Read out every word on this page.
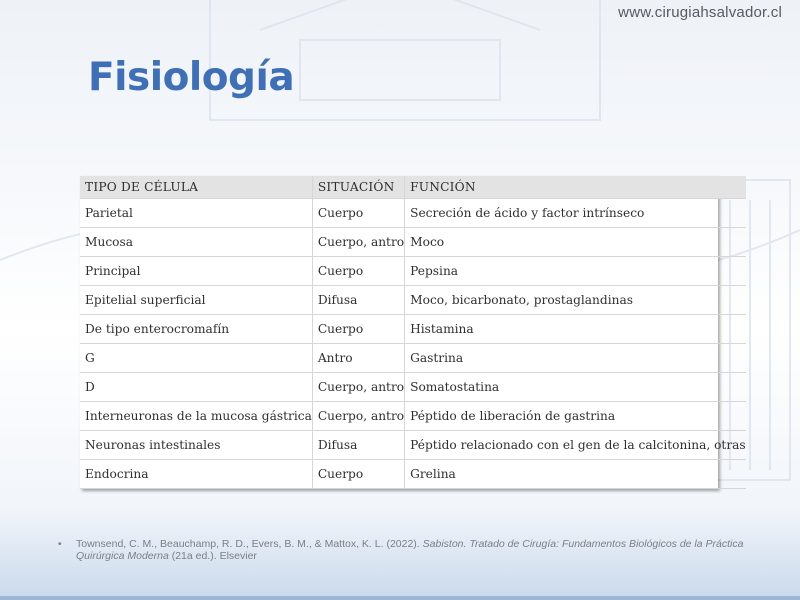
www.cirugiahsalvador.cl
Fisiología
TIPO DE CÉLULA	SITUACIÓN	FUNCIÓN
Parietal	Cuerpo	Secreción de ácido y factor intrínseco
Mucosa	Cuerpo, antro	Moco
Principal	Cuerpo	Pepsina
Epitelial superficial	Difusa	Moco, bicarbonato, prostaglandinas
De tipo enterocromafín	Cuerpo	Histamina
G	Antro	Gastrina
D	Cuerpo, antro	Somatostatina
Interneuronas de la mucosa gástrica	Cuerpo, antro	Péptido de liberación de gastrina
Neuronas intestinales	Difusa	Péptido relacionado con el gen de la calcitonina, otras
Endocrina	Cuerpo	Grelina
• Townsend, C. M., Beauchamp, R. D., Evers, B. M., & Mattox, K. L. (2022). Sabiston. Tratado de Cirugía: Fundamentos Biológicos de la Práctica Quirúrgica Moderna (21a ed.). Elsevier
